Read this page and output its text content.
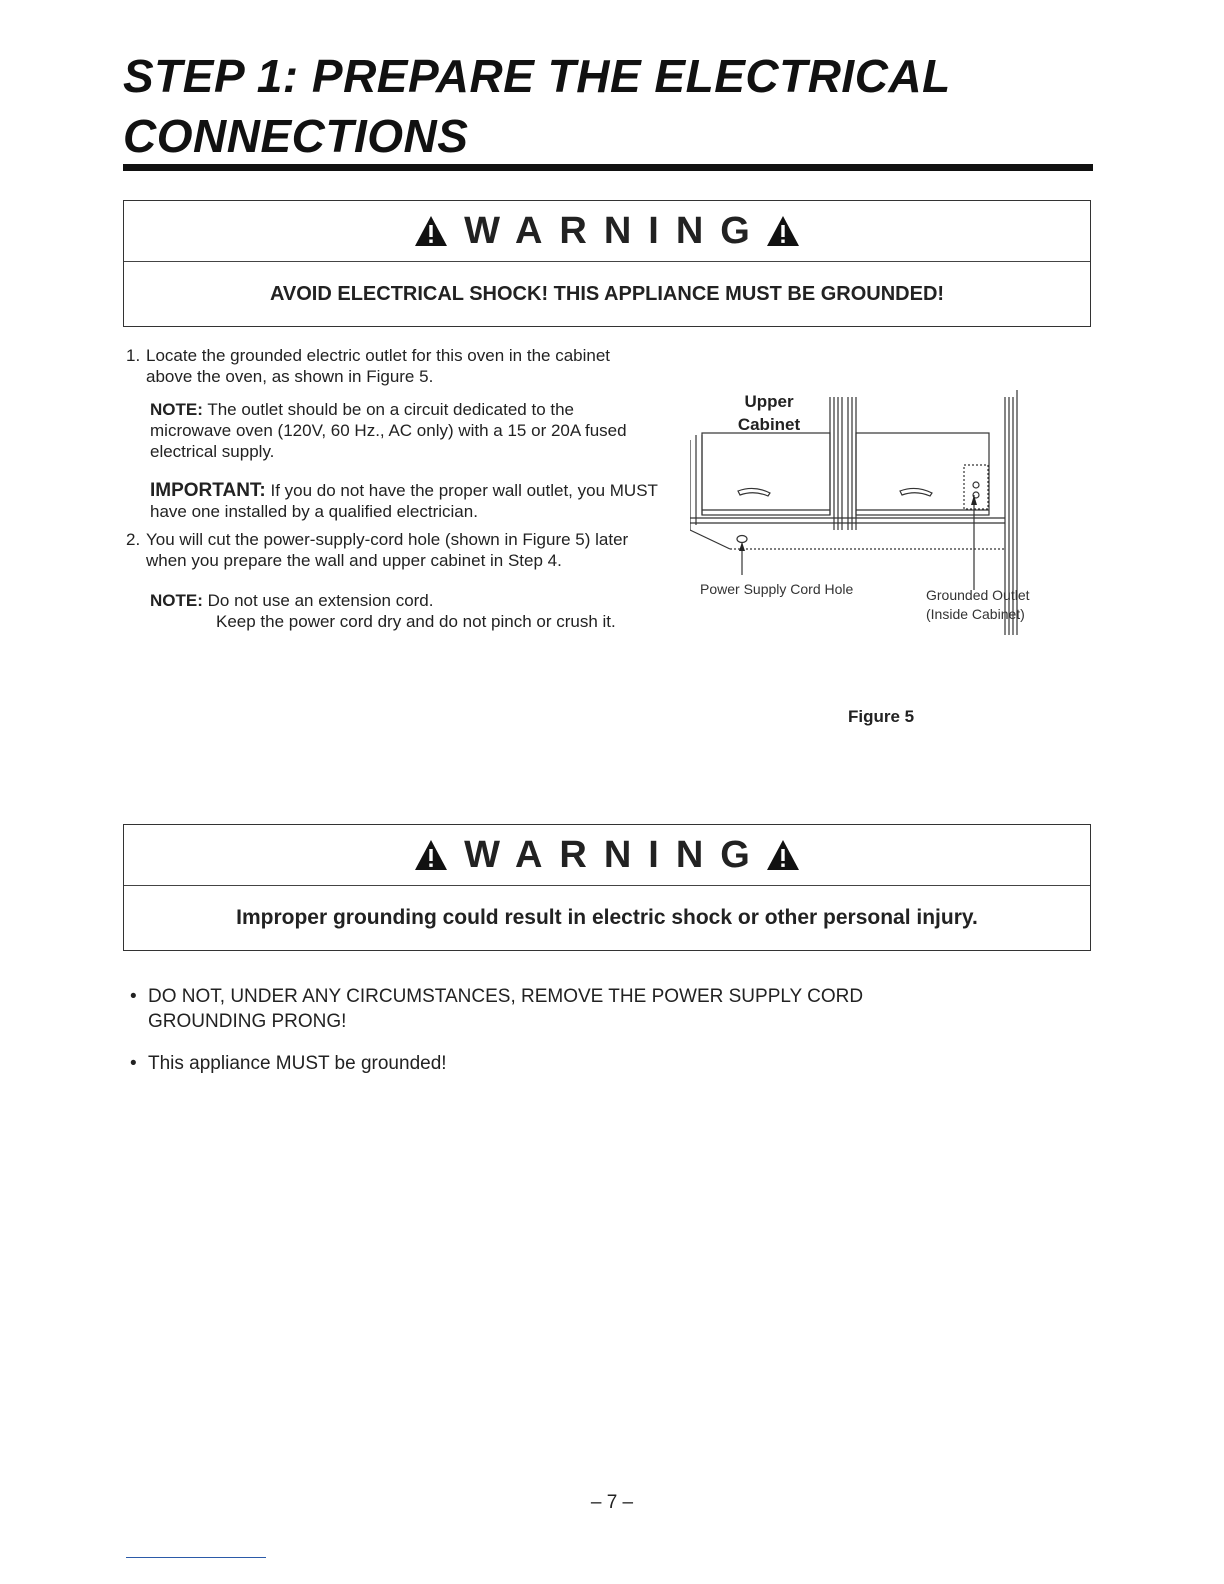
STEP 1: PREPARE THE ELECTRICAL
CONNECTIONS
WARNING
AVOID ELECTRICAL SHOCK! THIS APPLIANCE MUST BE GROUNDED!
1. Locate the grounded electric outlet for this oven in the cabinet above the oven, as shown in Figure 5.

NOTE: The outlet should be on a circuit dedicated to the microwave oven (120V, 60 Hz., AC only) with a 15 or 20A fused electrical supply.

IMPORTANT: If you do not have the proper wall outlet, you MUST have one installed by a qualified electrician.

2. You will cut the power-supply-cord hole (shown in Figure 5) later when you prepare the wall and upper cabinet in Step 4.

NOTE: Do not use an extension cord.

Keep the power cord dry and do not pinch or crush it.

Upper
Cabinet
Power Supply Cord Hole	Grounded Outlet
(Inside Cabinet)
Figure 5
WARNING
Improper grounding could result in electric shock or other personal injury.
• DO NOT, UNDER ANY CIRCUMSTANCES, REMOVE THE POWER SUPPLY CORD
GROUNDING PRONG!
• This appliance MUST be grounded!
– 7 –
